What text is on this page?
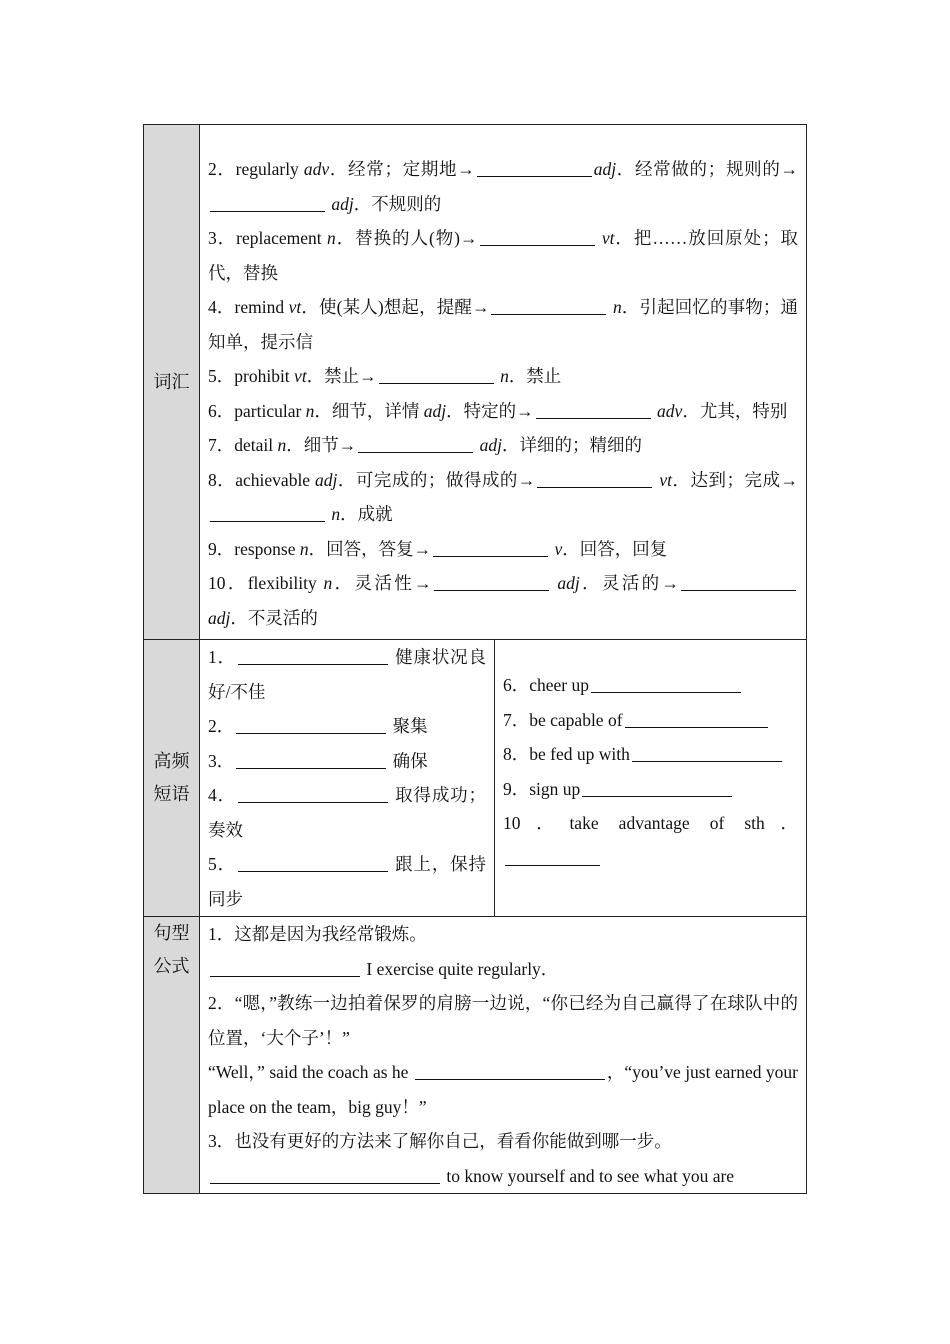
词汇	
2．regularly adv．经常；定期地→	adj．经常做的；规则的→ adj．不规则的
3．replacement n．替换的人(物)→	vt．把……放回原处；取代，替换
4．remind vt．使(某人)想起，提醒→	n．引起回忆的事物；通知单，提示信
5．prohibit vt．禁止→	n．禁止
6．particular n．细节，详情 adj．特定的→	adv．尤其，特别
7．detail n．细节→	adj．详细的；精细的
8．achievable adj．可完成的；做得成的→	vt．达到；完成→ n．成就
9．response n．回答，答复→	v．回答，回复
10．flexibility n．灵活性→	adj．灵活的→ adj．不灵活的

高频短语

1．	健康状况良好/不佳
2．	聚集
3．	确保
4．	取得成功；奏效
5．	跟上，保持同步

6．cheer up
7．be capable of
8．be fed up with
9．sign up
10．take advantage of sth．

句型公式

1．这都是因为我经常锻炼。
I exercise quite regularly．
2．“嗯，”教练一边拍着保罗的肩膀一边说，“你已经为自己赢得了在球队中的位置，‘大个子’！”
“Well，” said the coach as he	，“you’ve just earned your place on the team，big guy！”
3．也没有更好的方法来了解你自己，看看你能做到哪一步。
to know yourself and to see what you are
